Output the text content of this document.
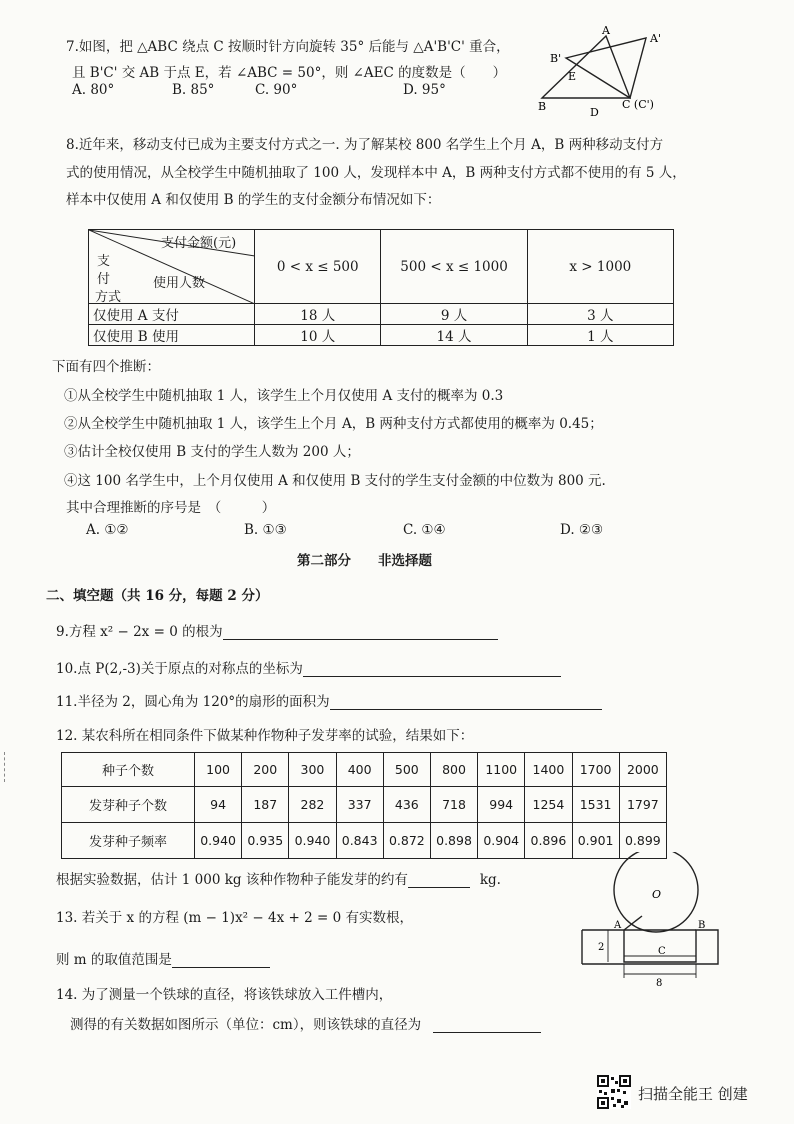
7.如图，把 △ABC 绕点 C 按顺时针方向旋转 35° 后能与 △A'B'C' 重合，
且 B'C' 交 AB 于点 E，若 ∠ABC = 50°，则 ∠AEC 的度数是（　　）
A. 80°	B. 85°	C. 90°	D. 95°
B'
A'
A
E
B	D
C (C')
8.近年来，移动支付已成为主要支付方式之一. 为了解某校 800 名学生上个月 A，B 两种移动支付方
式的使用情况，从全校学生中随机抽取了 100 人，发现样本中 A，B 两种支付方式都不使用的有 5 人，
样本中仅使用 A 和仅使用 B 的学生的支付金额分布情况如下：
支付金额(元)
使用人数
支
付
方式	0 < x ≤ 500	500 < x ≤ 1000	x > 1000
仅使用 A 支付	18 人	9 人	3 人
仅使用 B 使用	10 人	14 人	1 人
下面有四个推断：
①从全校学生中随机抽取 1 人，该学生上个月仅使用 A 支付的概率为 0.3
②从全校学生中随机抽取 1 人，该学生上个月 A，B 两种支付方式都使用的概率为 0.45；
③估计全校仅使用 B 支付的学生人数为 200 人；
④这 100 名学生中，上个月仅使用 A 和仅使用 B 支付的学生支付金额的中位数为 800 元.
其中合理推断的序号是　（　　　）
A. ①②	B. ①③	C. ①④	D. ②③
第二部分　　非选择题
二、填空题（共 16 分，每题 2 分）
9.方程 x² − 2x = 0 的根为
10.点 P(2,-3)关于原点的对称点的坐标为
11.半径为 2，圆心角为 120°的扇形的面积为
12. 某农科所在相同条件下做某种作物种子发芽率的试验，结果如下：
种子个数	100	200	300	400	500	800	1100	1400	1700	2000
发芽种子个数	94	187	282	337	436	718	994	1254	1531	1797
发芽种子频率	0.940	0.935	0.940	0.843	0.872	0.898	0.904	0.896	0.901	0.899
根据实验数据，估计 1 000 kg 该种作物种子能发芽的约有	kg.
13. 若关于 x 的方程 (m − 1)x² − 4x + 2 = 0 有实数根，
则 m 的取值范围是
14. 为了测量一个铁球的直径，将该铁球放入工件槽内，
测得的有关数据如图所示（单位：cm），则该铁球的直径为
O
A	B
C
2
8
扫描全能王 创建
